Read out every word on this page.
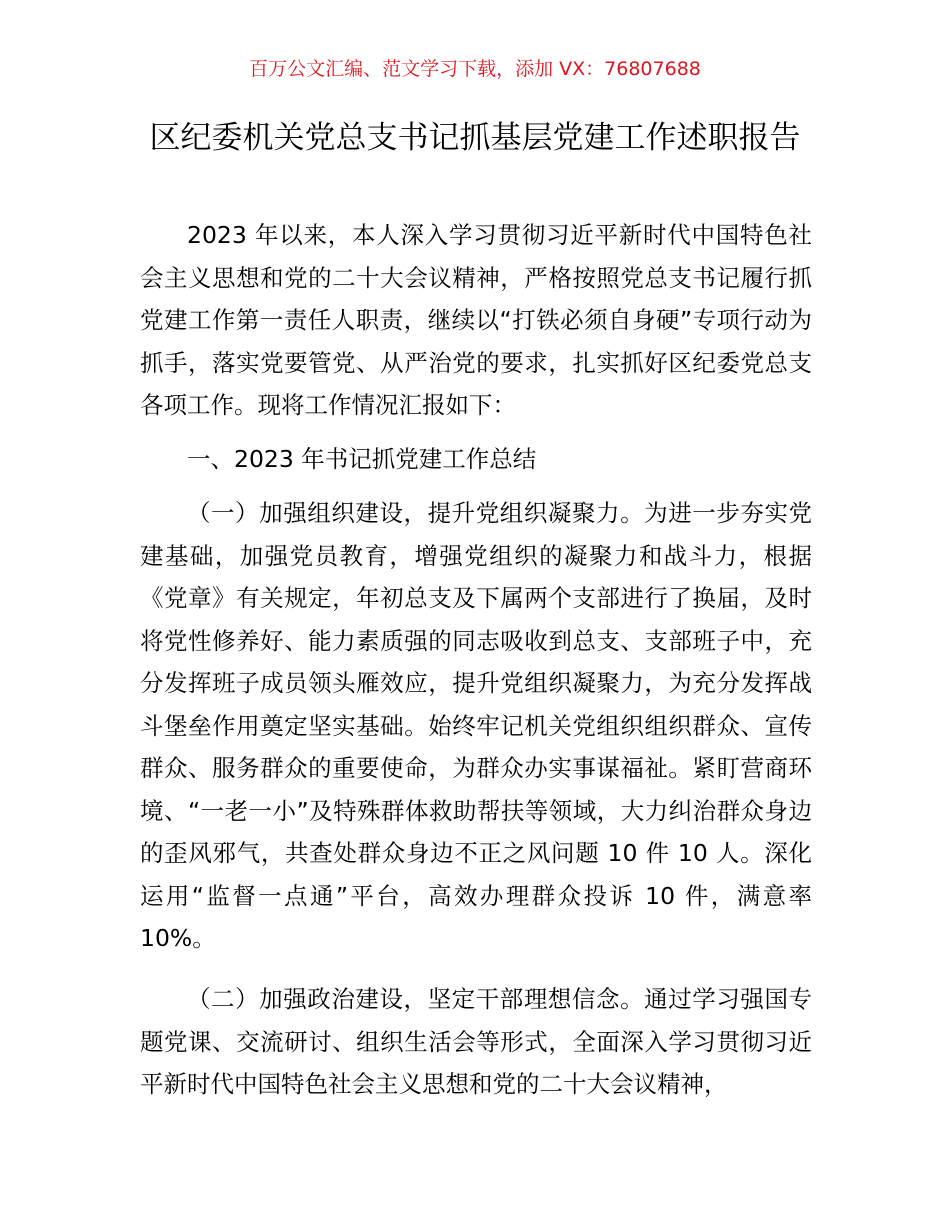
百万公文汇编、范文学习下载，添加 VX：76807688
区纪委机关党总支书记抓基层党建工作述职报告

2023 年以来，本人深入学习贯彻习近平新时代中国特色社会主义思想和党的二十大会议精神，严格按照党总支书记履行抓党建工作第一责任人职责，继续以“打铁必须自身硬”专项行动为抓手，落实党要管党、从严治党的要求，扎实抓好区纪委党总支各项工作。现将工作情况汇报如下：

一、2023 年书记抓党建工作总结

（一）加强组织建设，提升党组织凝聚力。为进一步夯实党建基础，加强党员教育，增强党组织的凝聚力和战斗力，根据《党章》有关规定，年初总支及下属两个支部进行了换届，及时将党性修养好、能力素质强的同志吸收到总支、支部班子中，充分发挥班子成员领头雁效应，提升党组织凝聚力，为充分发挥战斗堡垒作用奠定坚实基础。始终牢记机关党组织组织群众、宣传群众、服务群众的重要使命，为群众办实事谋福祉。紧盯营商环境、“一老一小”及特殊群体救助帮扶等领域，大力纠治群众身边的歪风邪气，共查处群众身边不正之风问题 10 件 10 人。深化运用“监督一点通”平台，高效办理群众投诉 10 件，满意率 10%。

（二）加强政治建设，坚定干部理想信念。通过学习强国专题党课、交流研讨、组织生活会等形式，全面深入学习贯彻习近平新时代中国特色社会主义思想和党的二十大会议精神，
